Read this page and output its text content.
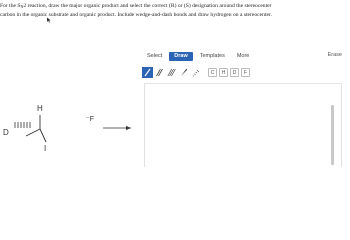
For the $S_N2$ reaction, draw the major organic product and select the correct (R) or (S) designation around the stereocenter
carbon in the organic substrate and organic product. Include wedge-and-dash bonds and draw hydrogen on a stereocenter.
H
D
I
⁻F
Select	Draw	Templates	More	Erase
C	H	D	F
